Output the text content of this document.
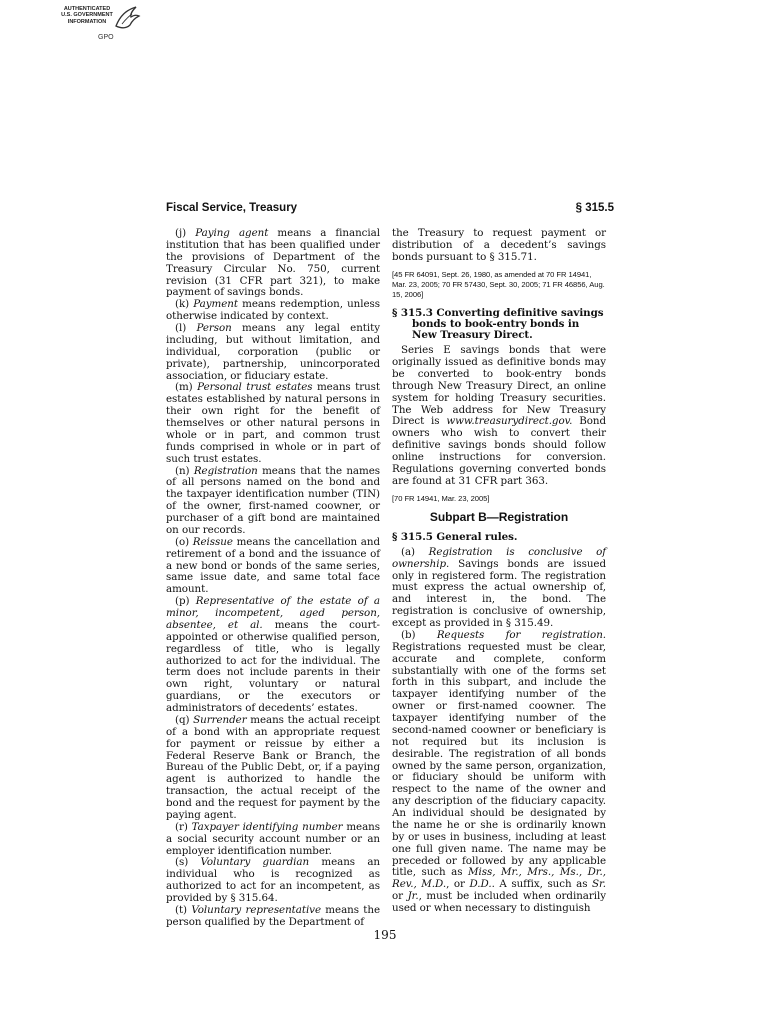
AUTHENTICATED
U.S. GOVERNMENT
INFORMATION
GPO
Fiscal Service, Treasury	§ 315.5

(j) Paying agent means a financial institution that has been qualified under the provisions of Department of the Treasury Circular No. 750, current revision (31 CFR part 321), to make payment of savings bonds.

(k) Payment means redemption, unless otherwise indicated by context.

(l) Person means any legal entity including, but without limitation, and individual, corporation (public or private), partnership, unincorporated association, or fiduciary estate.

(m) Personal trust estates means trust estates established by natural persons in their own right for the benefit of themselves or other natural persons in whole or in part, and common trust funds comprised in whole or in part of such trust estates.

(n) Registration means that the names of all persons named on the bond and the taxpayer identification number (TIN) of the owner, first-named coowner, or purchaser of a gift bond are maintained on our records.

(o) Reissue means the cancellation and retirement of a bond and the issuance of a new bond or bonds of the same series, same issue date, and same total face amount.

(p) Representative of the estate of a minor, incompetent, aged person, absentee, et al. means the court-appointed or otherwise qualified person, regardless of title, who is legally authorized to act for the individual. The term does not include parents in their own right, voluntary or natural guardians, or the executors or administrators of decedents’ estates.

(q) Surrender means the actual receipt of a bond with an appropriate request for payment or reissue by either a Federal Reserve Bank or Branch, the Bureau of the Public Debt, or, if a paying agent is authorized to handle the transaction, the actual receipt of the bond and the request for payment by the paying agent.

(r) Taxpayer identifying number means a social security account number or an employer identification number.

(s) Voluntary guardian means an individual who is recognized as authorized to act for an incompetent, as provided by § 315.64.

(t) Voluntary representative means the person qualified by the Department of

the Treasury to request payment or distribution of a decedent’s savings bonds pursuant to § 315.71.

[45 FR 64091, Sept. 26, 1980, as amended at 70 FR 14941, Mar. 23, 2005; 70 FR 57430, Sept. 30, 2005; 71 FR 46856, Aug. 15, 2006]

§ 315.3 Converting definitive savings bonds to book-entry bonds in New Treasury Direct.

Series E savings bonds that were originally issued as definitive bonds may be converted to book-entry bonds through New Treasury Direct, an online system for holding Treasury securities. The Web address for New Treasury Direct is www.treasurydirect.gov. Bond owners who wish to convert their definitive savings bonds should follow online instructions for conversion. Regulations governing converted bonds are found at 31 CFR part 363.

[70 FR 14941, Mar. 23, 2005]

Subpart B—Registration
§ 315.5 General rules.

(a) Registration is conclusive of ownership. Savings bonds are issued only in registered form. The registration must express the actual ownership of, and interest in, the bond. The registration is conclusive of ownership, except as provided in § 315.49.

(b) Requests for registration. Registrations requested must be clear, accurate and complete, conform substantially with one of the forms set forth in this subpart, and include the taxpayer identifying number of the owner or first-named coowner. The taxpayer identifying number of the second-named coowner or beneficiary is not required but its inclusion is desirable. The registration of all bonds owned by the same person, organization, or fiduciary should be uniform with respect to the name of the owner and any description of the fiduciary capacity. An individual should be designated by the name he or she is ordinarily known by or uses in business, including at least one full given name. The name may be preceded or followed by any applicable title, such as Miss, Mr., Mrs., Ms., Dr., Rev., M.D., or D.D.. A suffix, such as Sr. or Jr., must be included when ordinarily used or when necessary to distinguish

195
